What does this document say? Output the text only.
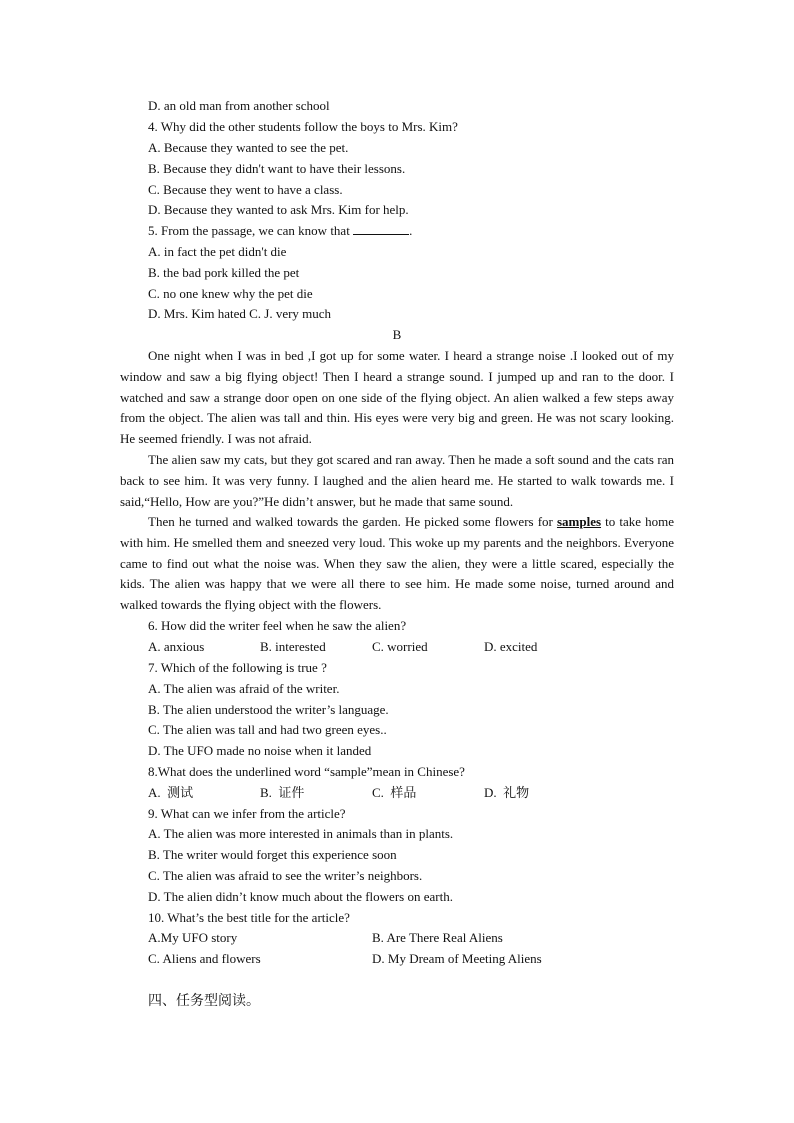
D. an old man from another school
4. Why did the other students follow the boys to Mrs. Kim?
A. Because they wanted to see the pet.
B. Because they didn't want to have their lessons.
C. Because they went to have a class.
D. Because they wanted to ask Mrs. Kim for help.
5. From the passage, we can know that	.
A. in fact the pet didn't die
B. the bad pork killed the pet
C. no one knew why the pet die
D. Mrs. Kim hated C. J. very much
B

One night when I was in bed ,I got up for some water. I heard a strange noise .I looked out of my window and saw a big flying object! Then I heard a strange sound. I jumped up and ran to the door. I watched and saw a strange door open on one side of the flying object. An alien walked a few steps away from the object. The alien was tall and thin. His eyes were very big and green. He was not scary looking. He seemed friendly. I was not afraid.

The alien saw my cats, but they got scared and ran away. Then he made a soft sound and the cats ran back to see him. It was very funny. I laughed and the alien heard me. He started to walk towards me. I said,“Hello, How are you?”He didn’t answer, but he made that same sound.

Then he turned and walked towards the garden. He picked some flowers for samples to take home with him. He smelled them and sneezed very loud. This woke up my parents and the neighbors. Everyone came to find out what the noise was. When they saw the alien, they were a little scared, especially the kids. The alien was happy that we were all there to see him. He made some noise, turned around and walked towards the flying object with the flowers.

6. How did the writer feel when he saw the alien?
A. anxious	B. interested	C. worried	D. excited
7. Which of the following is true ?
A. The alien was afraid of the writer.
B. The alien understood the writer’s language.
C. The alien was tall and had two green eyes..
D. The UFO made no noise when it landed
8.What does the underlined word “sample”mean in Chinese?
A. 测试	B. 证件	C. 样品	D. 礼物
9. What can we infer from the article?
A. The alien was more interested in animals than in plants.
B. The writer would forget this experience soon
C. The alien was afraid to see the writer’s neighbors.
D. The alien didn’t know much about the flowers on earth.
10. What’s the best title for the article?
A.My UFO story	B. Are There Real Aliens
C. Aliens and flowers	D. My Dream of Meeting Aliens
四、任务型阅读。
